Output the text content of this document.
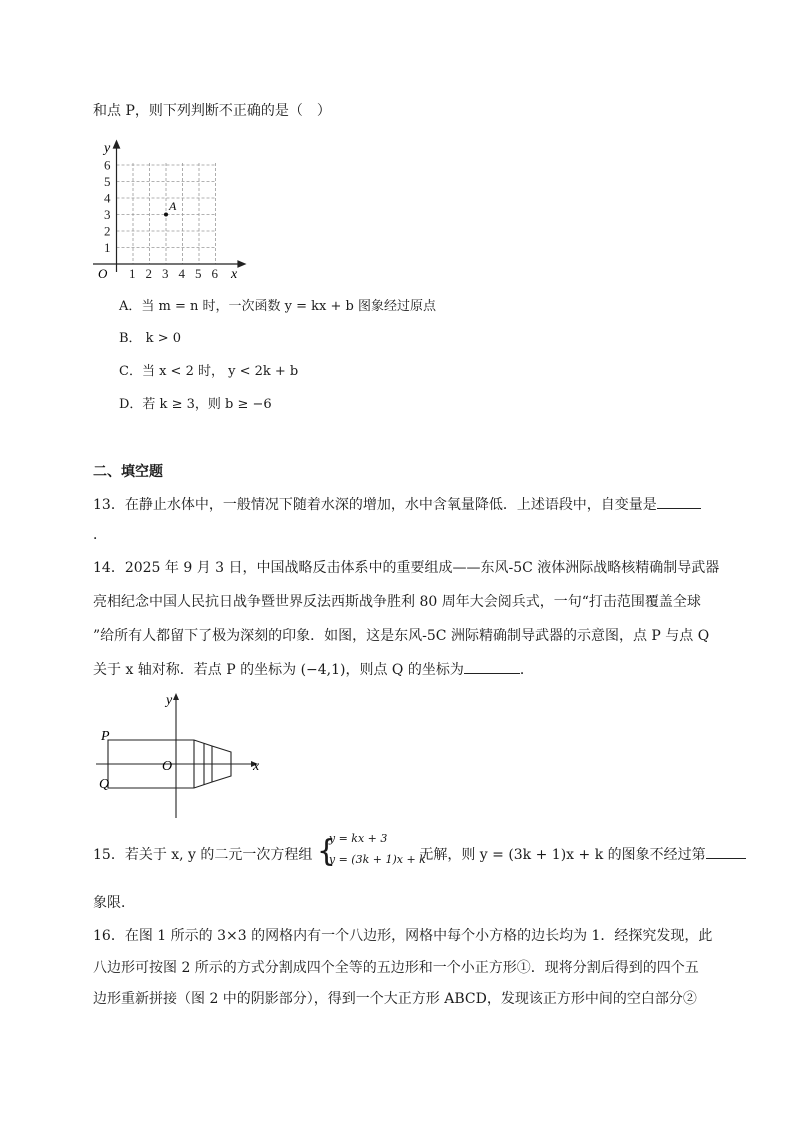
和点 P，则下列判断不正确的是（　）
A
1 2 3 4 5 6
1
2
3
4
5
6
O	x
y
A．当 m = n 时，一次函数 y = kx + b 图象经过原点
B． k > 0
C．当 x < 2 时， y < 2k + b
D．若 k ≥ 3，则 b ≥ −6
二、填空题
13．在静止水体中，一般情况下随着水深的增加，水中含氧量降低．上述语段中，自变量是
．
14．2025 年 9 月 3 日，中国战略反击体系中的重要组成——东风-5C 液体洲际战略核精确制导武器
亮相纪念中国人民抗日战争暨世界反法西斯战争胜利 80 周年大会阅兵式，一句“打击范围覆盖全球
”给所有人都留下了极为深刻的印象．如图，这是东风-5C 洲际精确制导武器的示意图，点 P 与点 Q
关于 x 轴对称．若点 P 的坐标为 (−4,1)，则点 Q 的坐标为	．
P
Q
O	x
y
15．若关于 x, y 的二元一次方程组 {
y = kx + 3
y = (3k + 1)x + k
无解，则 y = (3k + 1)x + k 的图象不经过第
象限．
16．在图 1 所示的 3×3 的网格内有一个八边形，网格中每个小方格的边长均为 1．经探究发现，此
八边形可按图 2 所示的方式分割成四个全等的五边形和一个小正方形①．现将分割后得到的四个五
边形重新拼接（图 2 中的阴影部分），得到一个大正方形 ABCD，发现该正方形中间的空白部分②
